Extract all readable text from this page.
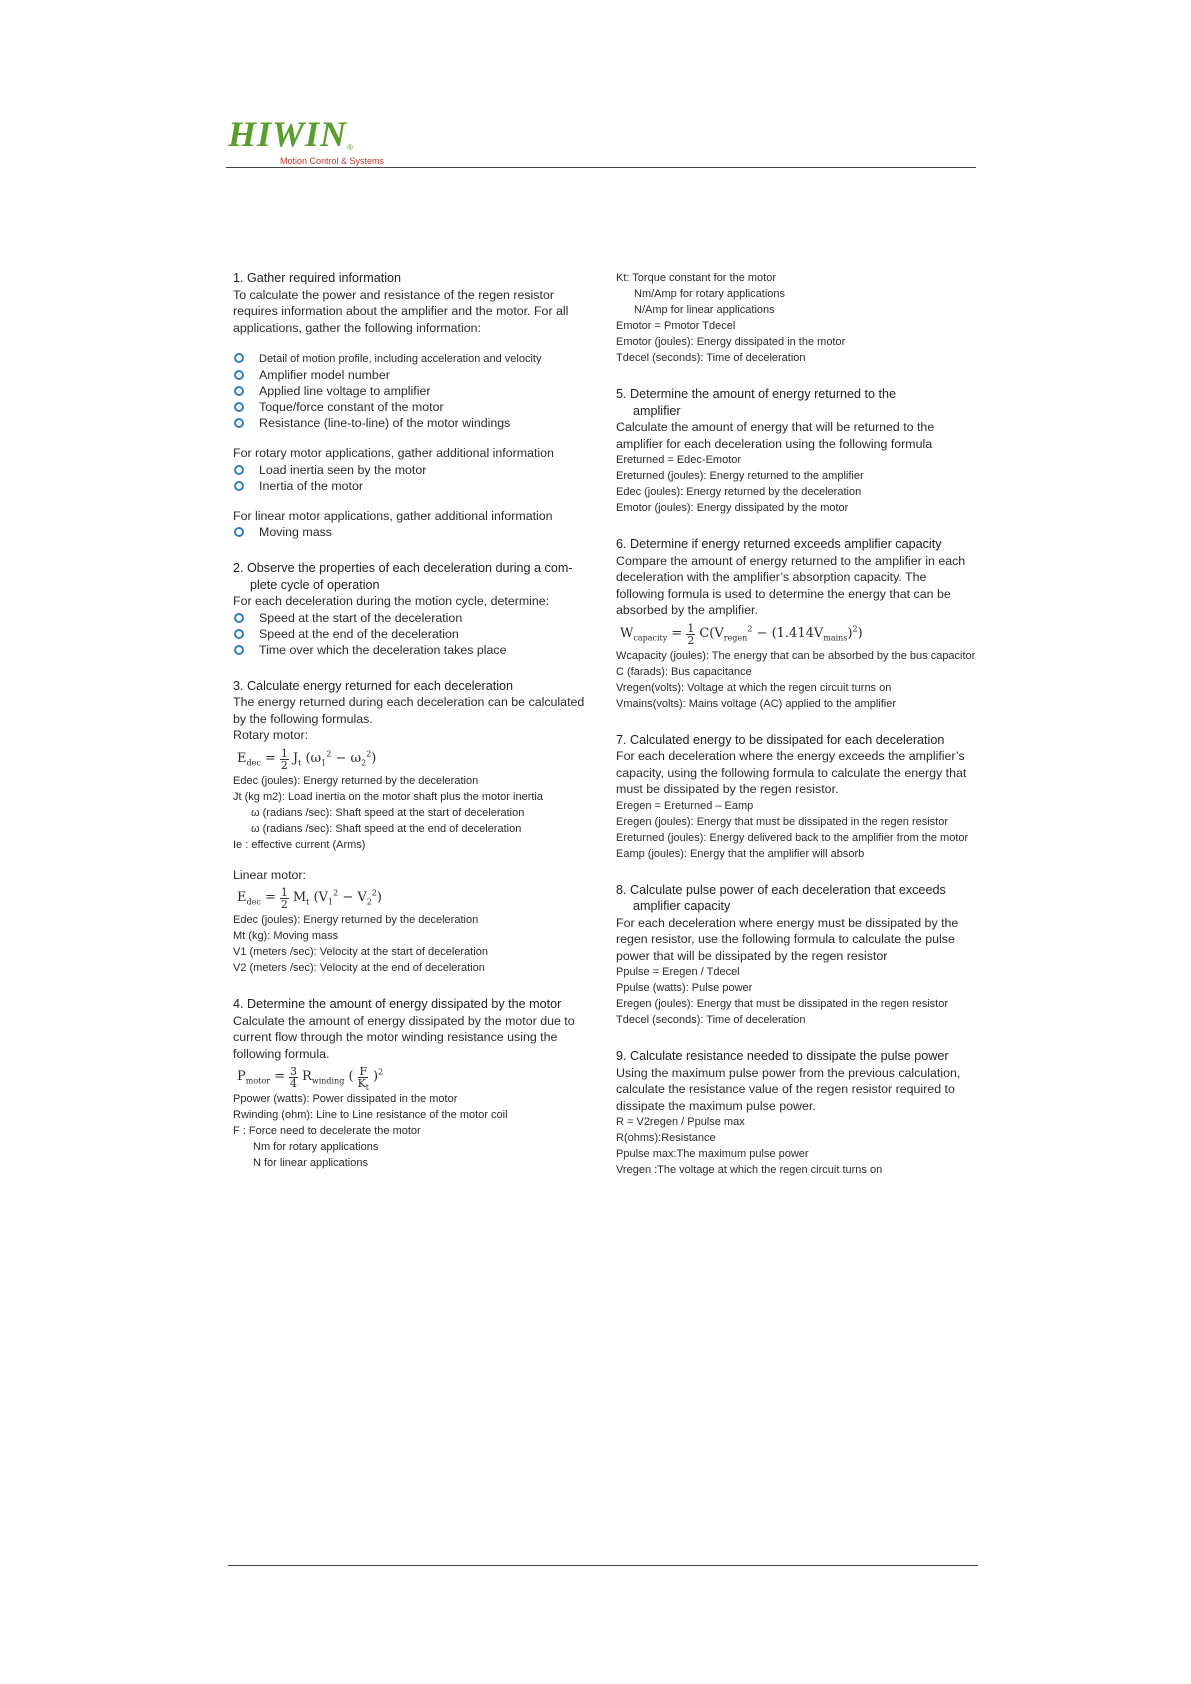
HIWIN®
Motion Control & Systems
1. Gather required information

To calculate the power and resistance of the regen resistor requires information about the amplifier and the motor. For all applications, gather the following information:

Detail of motion profile, including acceleration and velocity
Amplifier model number
Applied line voltage to amplifier
Toque/force constant of the motor
Resistance (line-to-line) of the motor windings

For rotary motor applications, gather additional information

Load inertia seen by the motor
Inertia of the motor

For linear motor applications, gather additional information

Moving mass
2. Observe the properties of each deceleration during a com-
plete cycle of operation

For each deceleration during the motion cycle, determine:

Speed at the start of the deceleration
Speed at the end of the deceleration
Time over which the deceleration takes place
3. Calculate energy returned for each deceleration

The energy returned during each deceleration can be calculated by the following formulas.

Rotary motor:

$E_{dec} = \frac{1}{2} J_t$ $(\omega_1^2 - \omega_2^2)$
Edec (joules): Energy returned by the deceleration
Jt (kg m2): Load inertia on the motor shaft plus the motor inertia
ω (radians /sec): Shaft speed at the start of deceleration
ω (radians /sec): Shaft speed at the end of deceleration
Ie : effective current (Arms)

Linear motor:

$E_{dec} = \frac{1}{2} M_t$ $(V_1^2 - V_2^2)$
Edec (joules): Energy returned by the deceleration
Mt (kg): Moving mass
V1 (meters /sec): Velocity at the start of deceleration
V2 (meters /sec): Velocity at the end of deceleration
4. Determine the amount of energy dissipated by the motor

Calculate the amount of energy dissipated by the motor due to current flow through the motor winding resistance using the following formula.

$P_{motor} = \frac{3}{4} R_{winding}$ ( $\frac{F}{K_t} )^2$
Ppower (watts): Power dissipated in the motor
Rwinding (ohm): Line to Line resistance of the motor coil
F : Force need to decelerate the motor
Nm for rotary applications
N for linear applications
Kt: Torque constant for the motor
Nm/Amp for rotary applications
N/Amp for linear applications
Emotor = Pmotor Tdecel
Emotor (joules): Energy dissipated in the motor
Tdecel (seconds): Time of deceleration
5. Determine the amount of energy returned to the
amplifier

Calculate the amount of energy that will be returned to the amplifier for each deceleration using the following formula

Ereturned = Edec-Emotor
Ereturned (joules): Energy returned to the amplifier
Edec (joules): Energy returned by the deceleration
Emotor (joules): Energy dissipated by the motor
6. Determine if energy returned exceeds amplifier capacity

Compare the amount of energy returned to the amplifier in each deceleration with the amplifier’s absorption capacity. The following formula is used to determine the energy that can be absorbed by the amplifier.

$W_{capacity} = \frac{1}{2} C(V_{regen}^2 - (1.414V_{mains})^2)$
Wcapacity (joules): The energy that can be absorbed by the bus capacitor
C (farads): Bus capacitance
Vregen(volts): Voltage at which the regen circuit turns on
Vmains(volts): Mains voltage (AC) applied to the amplifier
7. Calculated energy to be dissipated for each deceleration

For each deceleration where the energy exceeds the amplifier’s capacity, using the following formula to calculate the energy that must be dissipated by the regen resistor.

Eregen = Ereturned – Eamp
Eregen (joules): Energy that must be dissipated in the regen resistor
Ereturned (joules): Energy delivered back to the amplifier from the motor
Eamp (joules): Energy that the amplifier will absorb
8. Calculate pulse power of each deceleration that exceeds
amplifier capacity

For each deceleration where energy must be dissipated by the regen resistor, use the following formula to calculate the pulse power that will be dissipated by the regen resistor

Ppulse = Eregen / Tdecel
Ppulse (watts): Pulse power
Eregen (joules): Energy that must be dissipated in the regen resistor
Tdecel (seconds): Time of deceleration
9. Calculate resistance needed to dissipate the pulse power

Using the maximum pulse power from the previous calculation, calculate the resistance value of the regen resistor required to dissipate the maximum pulse power.

R = V2regen / Ppulse max
R(ohms):Resistance
Ppulse max:The maximum pulse power
Vregen :The voltage at which the regen circuit turns on
